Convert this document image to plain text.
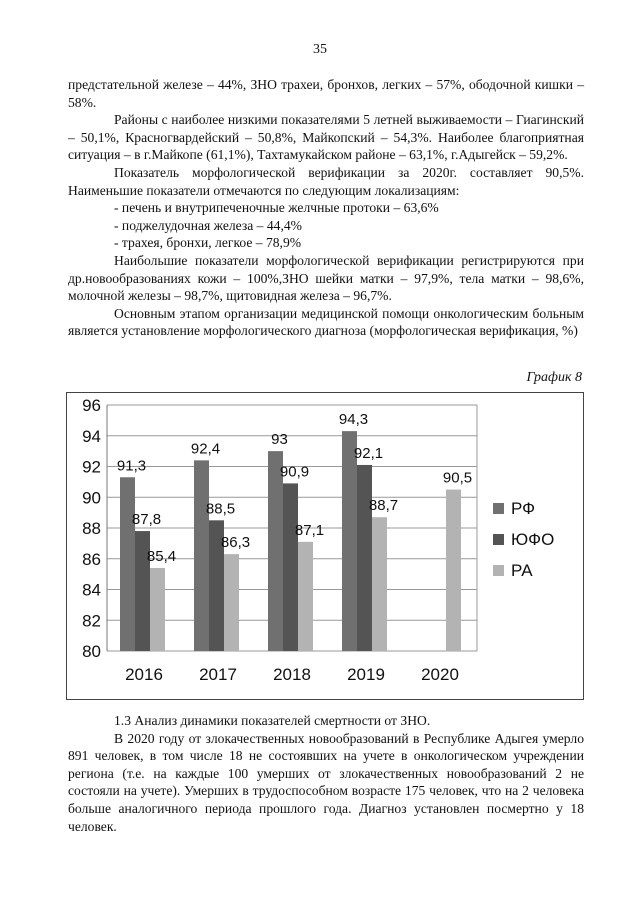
35

предстательной железе – 44%, ЗНО трахеи, бронхов, легких – 57%, ободочной кишки – 58%.

Районы с наиболее низкими показателями 5 летней выживаемости – Гиагинский – 50,1%, Красногвардейский – 50,8%, Майкопский – 54,3%. Наиболее благоприятная ситуация – в г.Майкопе (61,1%), Тахтамукайском районе – 63,1%, г.Адыгейск – 59,2%.

Показатель морфологической верификации за 2020г. составляет 90,5%. Наименьшие показатели отмечаются по следующим локализациям:

- печень и внутрипеченочные желчные протоки – 63,6%

- поджелудочная железа – 44,4%

- трахея, бронхи, легкое – 78,9%

Наибольшие показатели морфологической верификации регистрируются при др.новообразованиях кожи – 100%,ЗНО шейки матки – 97,9%, тела матки – 98,6%, молочной железы – 98,7%, щитовидная железа – 96,7%.

Основным этапом организации медицинской помощи онкологическим больным является установление морфологического диагноза (морфологическая верификация, %)

График 8
96
94
92
90
88
86
84
82
80
2016
91,3
87,8
85,4
2017
92,4
88,5
86,3
2018
93
90,9
87,1
2019
94,3
92,1
88,7
2020
90,5
РФ
ЮФО
РА

1.3 Анализ динамики показателей смертности от ЗНО.

В 2020 году от злокачественных новообразований в Республике Адыгея умерло 891 человек, в том числе 18 не состоявших на учете в онкологическом учреждении региона (т.е. на каждые 100 умерших от злокачественных новообразований 2 не состояли на учете). Умерших в трудоспособном возрасте 175 человек, что на 2 человека больше аналогичного периода прошлого года. Диагноз установлен посмертно у 18 человек.
